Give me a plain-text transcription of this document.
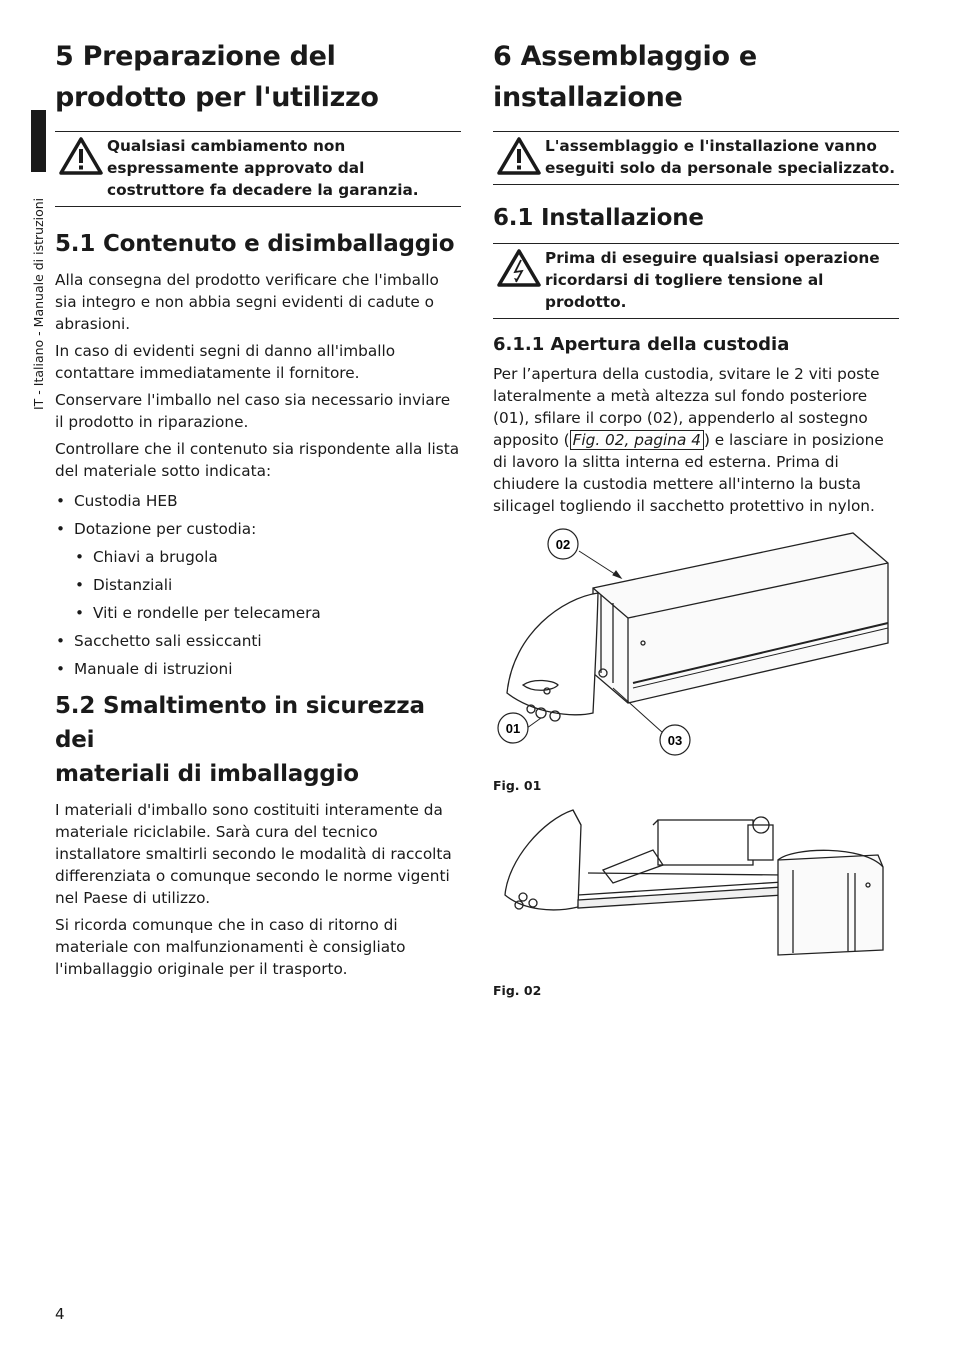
IT - Italiano - Manuale di istruzioni
5 Preparazione del
prodotto per l'utilizzo
Qualsiasi cambiamento non espressamente approvato dal costruttore fa decadere la garanzia.
5.1 Contenuto e disimballaggio

Alla consegna del prodotto verificare che l'imballo sia integro e non abbia segni evidenti di cadute o abrasioni.

In caso di evidenti segni di danno all'imballo contattare immediatamente il fornitore.

Conservare l'imballo nel caso sia necessario inviare il prodotto in riparazione.

Controllare che il contenuto sia rispondente alla lista del materiale sotto indicata:

• Custodia HEB
• Dotazione per custodia:
• Chiavi a brugola
• Distanziali
• Viti e rondelle per telecamera
• Sacchetto sali essiccanti
• Manuale di istruzioni
5.2 Smaltimento in sicurezza dei
materiali di imballaggio

I materiali d'imballo sono costituiti interamente da materiale riciclabile. Sarà cura del tecnico installatore smaltirli secondo le modalità di raccolta differenziata o comunque secondo le norme vigenti nel Paese di utilizzo.

Si ricorda comunque che in caso di ritorno di materiale con malfunzionamenti è consigliato l'imballaggio originale per il trasporto.

6 Assemblaggio e
installazione
L'assemblaggio e l'installazione vanno eseguiti solo da personale specializzato.
6.1 Installazione
Prima di eseguire qualsiasi operazione ricordarsi di togliere tensione al prodotto.
6.1.1 Apertura della custodia

Per l’apertura della custodia, svitare le 2 viti poste lateralmente a metà altezza sul fondo posteriore (01), sfilare il corpo (02), appenderlo al sostegno apposito ( Fig. 02, pagina 4 ) e lasciare in posizione di lavoro la slitta interna ed esterna. Prima di chiudere la custodia mettere all'interno la busta silicagel togliendo il sacchetto protettivo in nylon.

02
01
03

Fig. 01

Fig. 02

4
